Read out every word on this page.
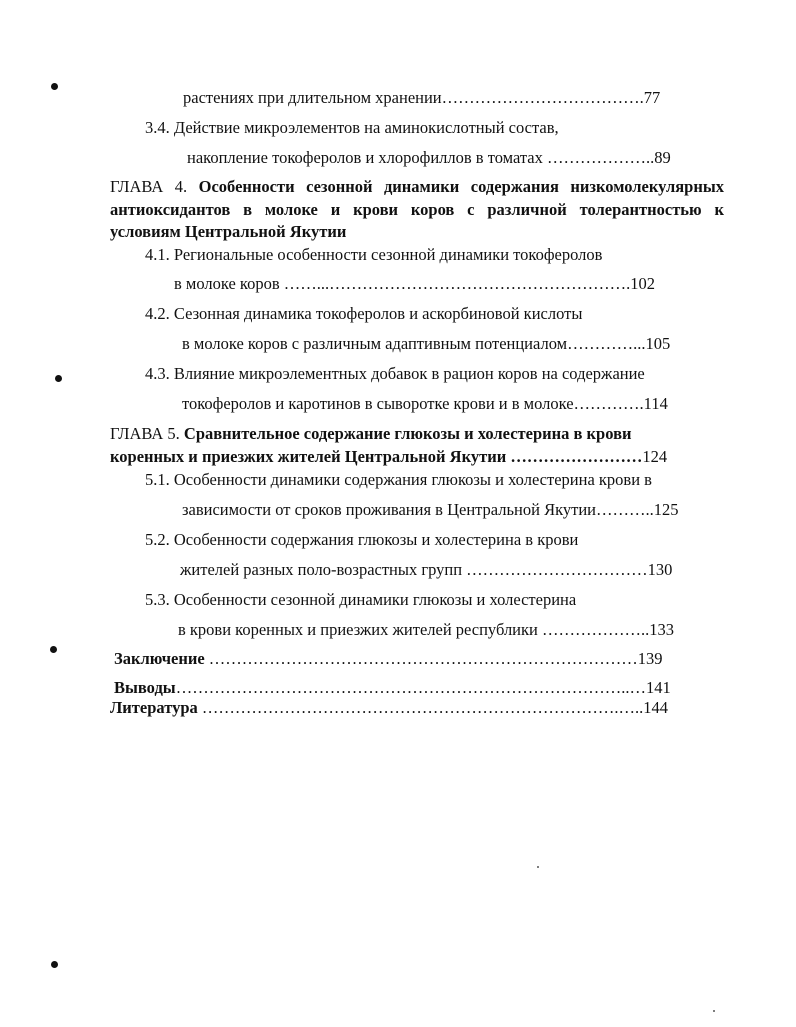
растениях при длительном хранении……………………………….77
3.4. Действие микроэлементов на аминокислотный состав,
накопление токоферолов и хлорофиллов в томатах ………………..89
ГЛАВА 4. Особенности сезонной динамики содержания низкомолекулярных
антиоксидантов в молоке и крови коров с различной толерантностью к
условиям Центральной Якутии
4.1. Региональные особенности сезонной динамики токоферолов
в молоке коров ……...……………………………………………….102
4.2. Сезонная динамика токоферолов и аскорбиновой кислоты
в молоке коров с различным адаптивным потенциалом…………...105
4.3. Влияние микроэлементных добавок в рацион коров на содержание
токоферолов и каротинов в сыворотке крови и в молоке………….114
ГЛАВА 5. Сравнительное содержание глюкозы и холестерина в крови
коренных и приезжих жителей Центральной Якутии ……………………124
5.1. Особенности динамики содержания глюкозы и холестерина крови в
зависимости от сроков проживания в Центральной Якутии………..125
5.2. Особенности содержания глюкозы и холестерина в крови
жителей разных поло-возрастных групп ……………………………130
5.3. Особенности сезонной динамики глюкозы и холестерина
в крови коренных и приезжих жителей республики ………………..133
Заключение ……………………………………………………………………139
Выводы………………………………………………………………………..…141
Литература ………………………………………………………………….…..144
